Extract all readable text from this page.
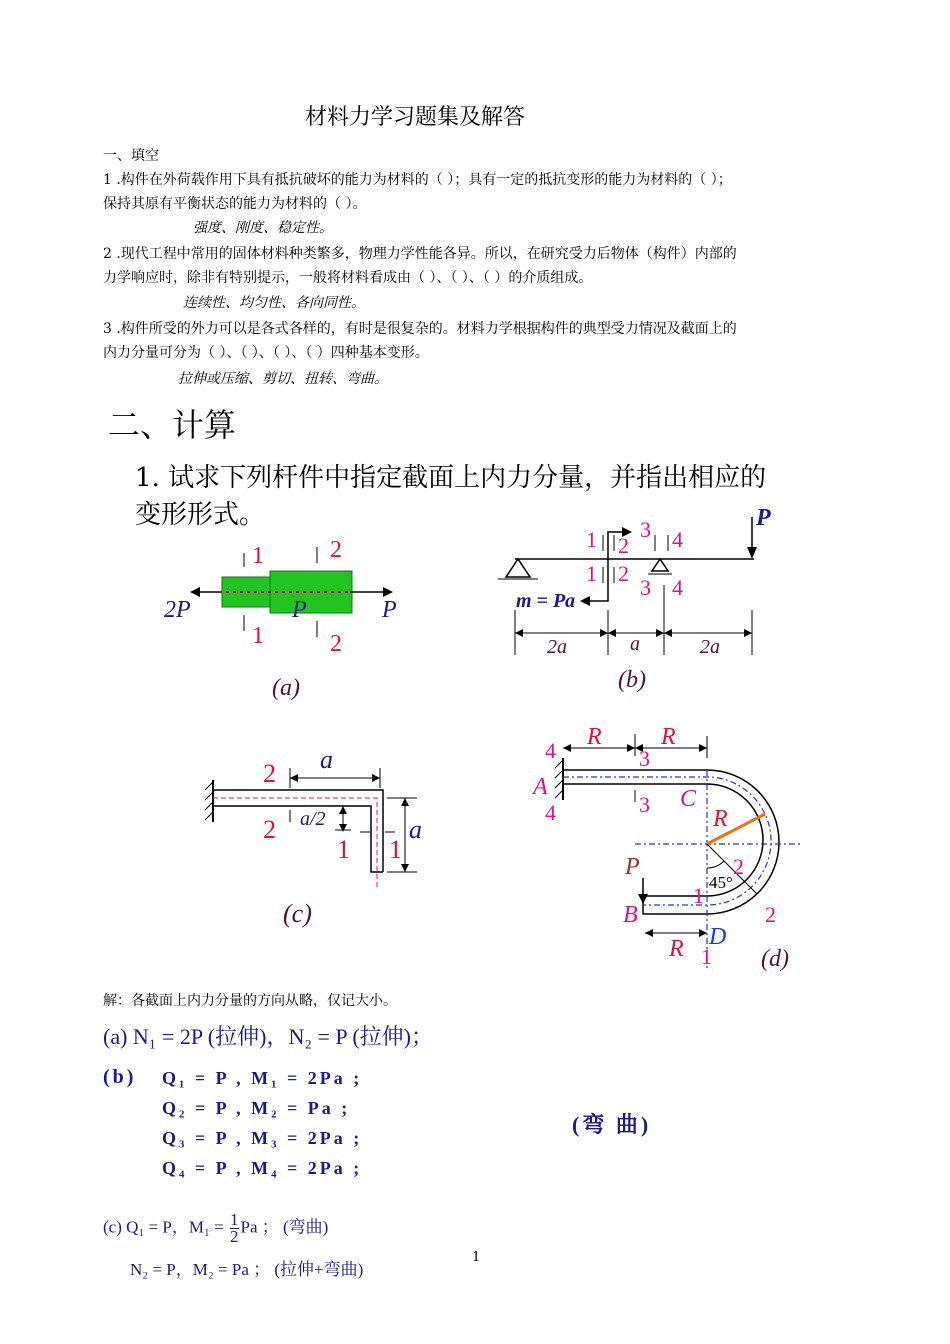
材料力学习题集及解答
一、填空
1 .构件在外荷载作用下具有抵抗破坏的能力为材料的（ ）；具有一定的抵抗变形的能力为材料的（ ）；
保持其原有平衡状态的能力为材料的（ ）。
强度、刚度、稳定性。
2 .现代工程中常用的固体材料种类繁多，物理力学性能各异。所以，在研究受力后物体（构件）内部的
力学响应时，除非有特别提示，一般将材料看成由（ ）、（ ）、（ ）的介质组成。
连续性、均匀性、各向同性。
3 .构件所受的外力可以是各式各样的，有时是很复杂的。材料力学根据构件的典型受力情况及截面上的
内力分量可分为（ ）、（ ）、（ ）、（ ）四种基本变形。
拉伸或压缩、剪切、扭转、弯曲。
二、计算
1. 试求下列杆件中指定截面上内力分量，并指出相应的
变形形式。
1
1
2
2
2P	P	P
(a)
P
m = Pa
1
1
2
2
3
3
4
4
2a	a	2a
(b)
2
2
1 1
a
a/2	a
(c)
R R
4
4
3
3
A	C
R
45°
2
2
P
B
1
1
D
R	(d)
解：各截面上内力分量的方向从略，仅记大小。
(a) N₁ = 2P (拉伸)，N₂ = P (拉伸)；
(b) Q₁ = P , M₁ = 2Pa ;
Q₂ = P , M₂ = Pa ;
Q₃ = P , M₃ = 2Pa ;
Q₄ = P , M₄ = 2Pa ;
(弯 曲)
(c) Q₁ = P，$M_1 = \frac{1}{2}$ Pa ； (弯曲)
N₂ = P，M₂ = Pa ； (拉伸+弯曲)
1
